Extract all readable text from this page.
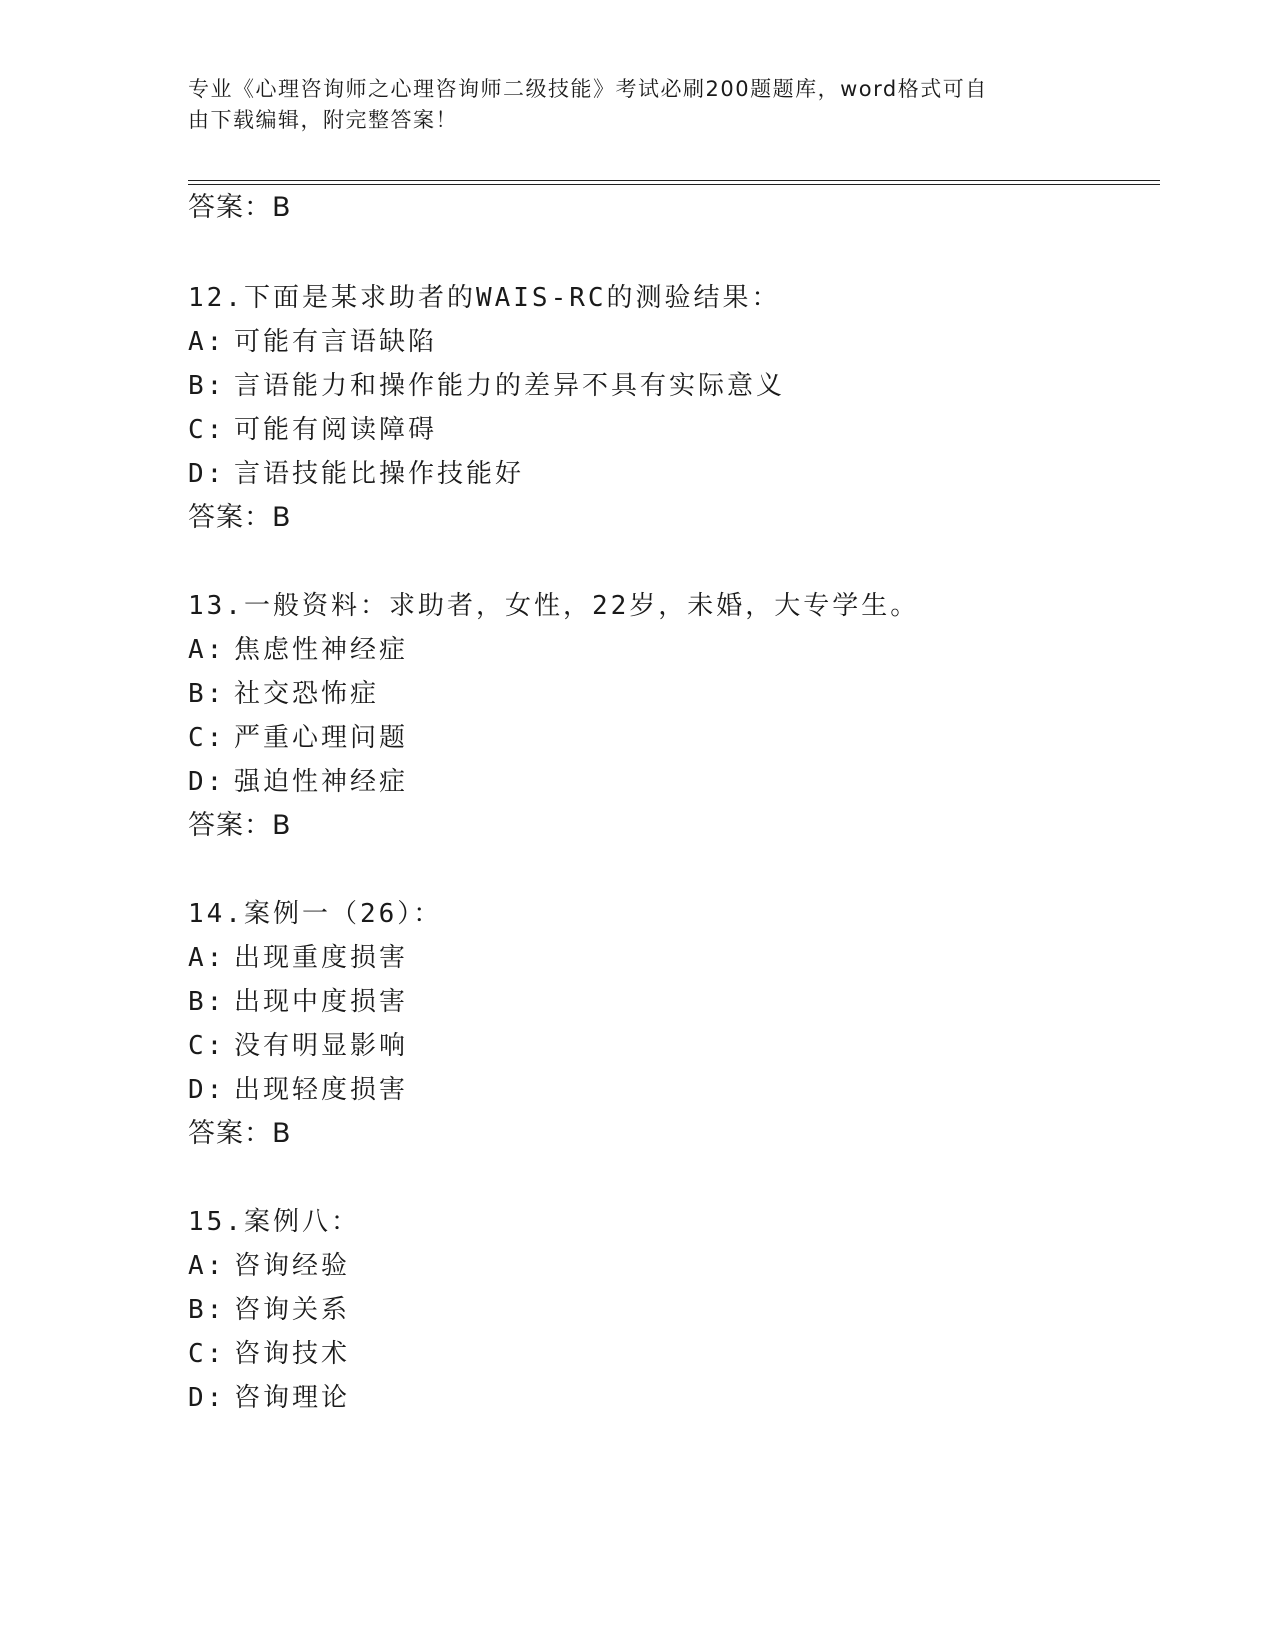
专业《心理咨询师之心理咨询师二级技能》考试必刷200题题库，word格式可自
由下载编辑，附完整答案！
答案：B
12.下面是某求助者的WAIS-RC的测验结果：
A: 可能有言语缺陷
B: 言语能力和操作能力的差异不具有实际意义
C: 可能有阅读障碍
D: 言语技能比操作技能好
答案：B
13.一般资料：求助者，女性，22岁，未婚，大专学生。
A: 焦虑性神经症
B: 社交恐怖症
C: 严重心理问题
D: 强迫性神经症
答案：B
14.案例一（26）：
A: 出现重度损害
B: 出现中度损害
C: 没有明显影响
D: 出现轻度损害
答案：B
15.案例八：
A: 咨询经验
B: 咨询关系
C: 咨询技术
D: 咨询理论
